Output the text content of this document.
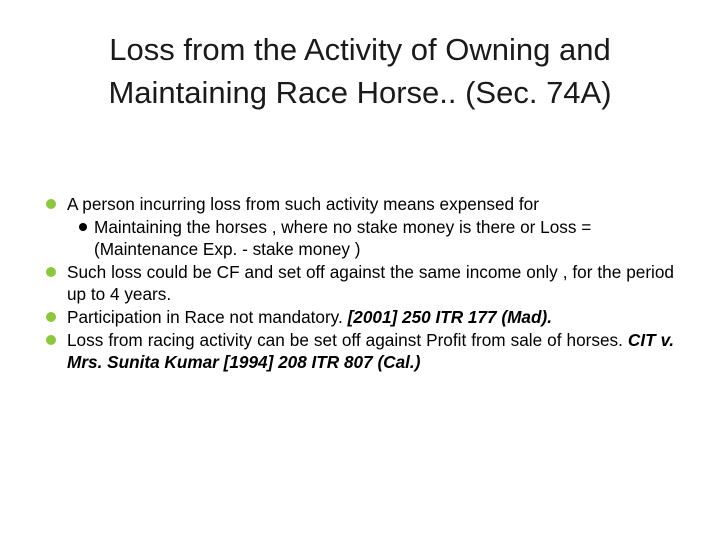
Loss from the Activity of Owning and
Maintaining Race Horse.. (Sec. 74A)
A person incurring loss from such activity means expensed for
Maintaining the horses , where no stake money is there or Loss = (Maintenance Exp. - stake money )
Such loss could be CF and set off against the same income only , for the period up to 4 years.
Participation in Race not mandatory. [2001] 250 ITR 177 (Mad).
Loss from racing activity can be set off against Profit from sale of horses. CIT v. Mrs. Sunita Kumar [1994] 208 ITR 807 (Cal.)
